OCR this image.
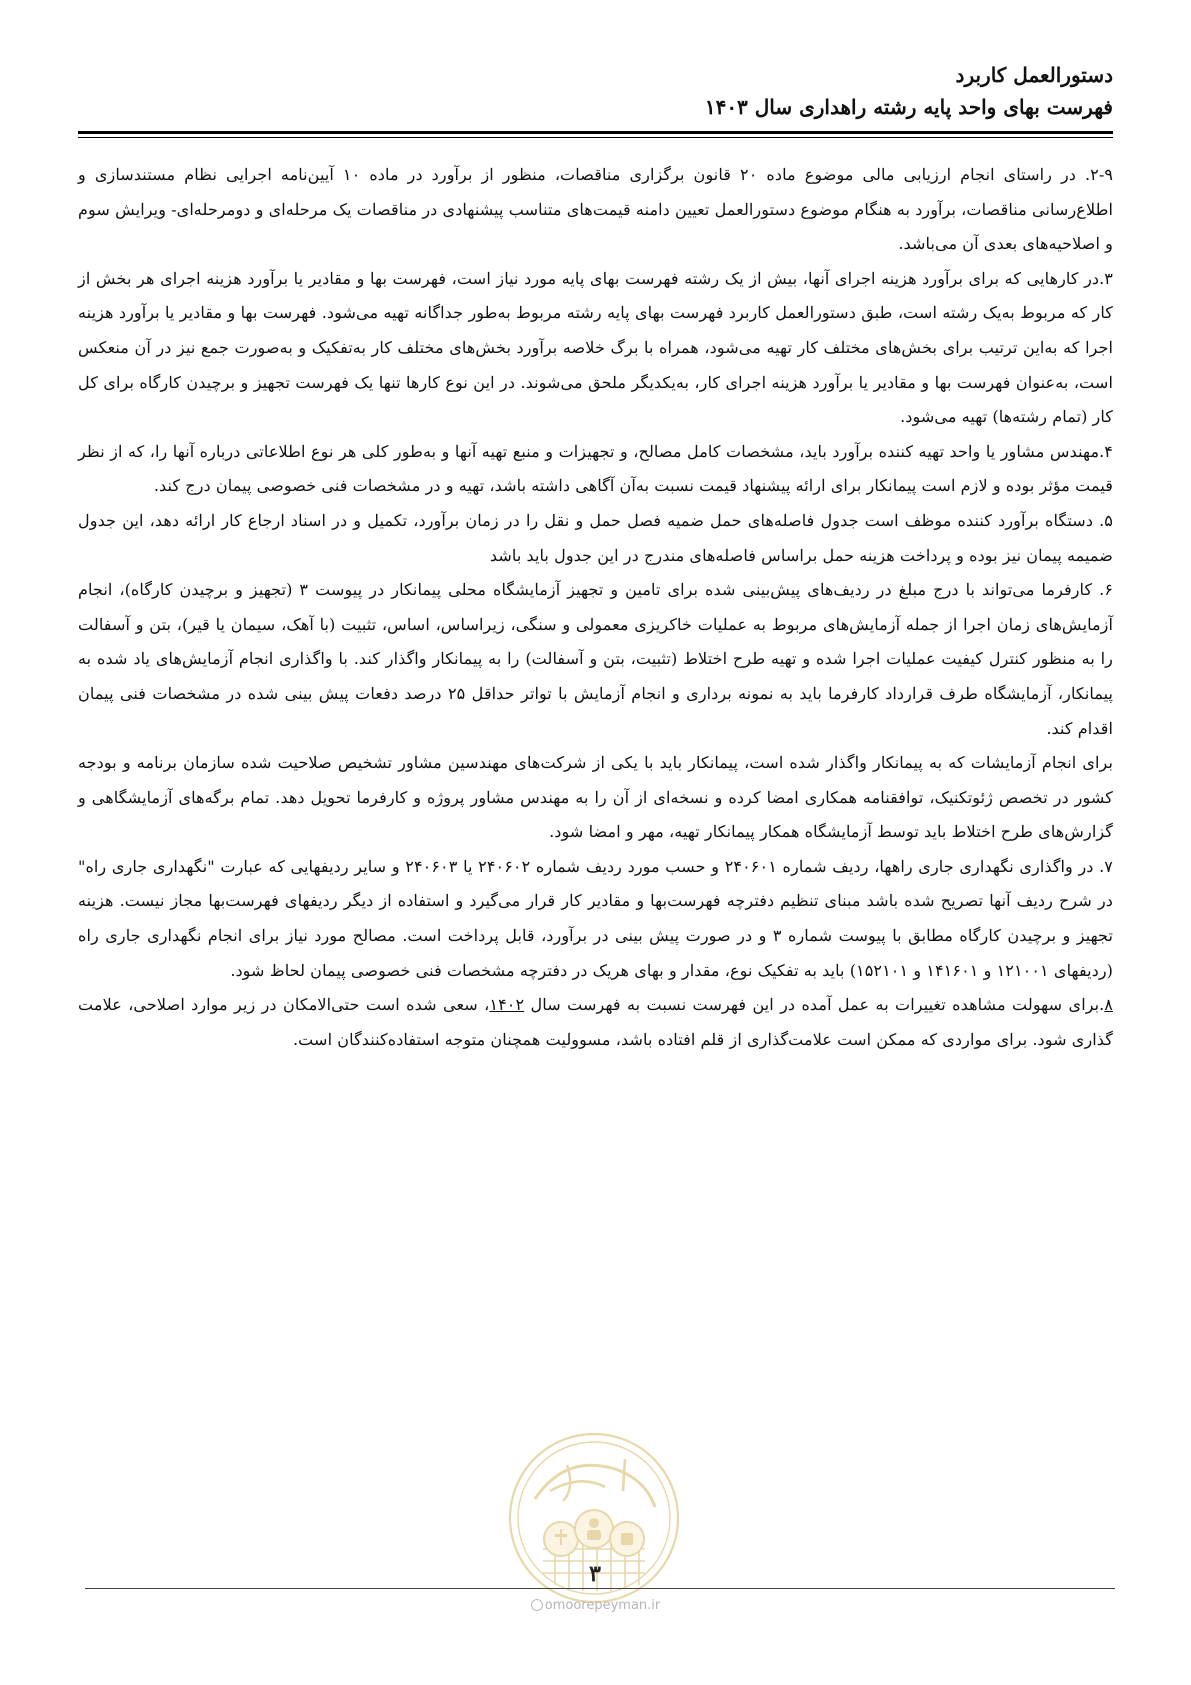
دستورالعمل کاربرد
فهرست بهای واحد پایه رشته راهداری سال ۱۴۰۳

۲-۹. در راستای انجام ارزیابی مالی موضوع ماده ۲۰ قانون برگزاری مناقصات، منظور از برآورد در ماده ۱۰ آیین‌نامه اجرایی نظام مستندسازی و اطلاع‌رسانی مناقصات، برآورد به هنگام موضوع دستورالعمل تعیین دامنه قیمت‌های متناسب پیشنهادی در مناقصات یک مرحله‌ای و دومرحله‌ای- ویرایش سوم و اصلاحیه‌های بعدی آن می‌باشد.

۳.در کارهایی که برای برآورد هزینه اجرای آنها، بیش از یک رشته فهرست بهای پایه مورد نیاز است، فهرست بها و مقادیر یا برآورد هزینه اجرای هر بخش از کار که مربوط به‌یک رشته است، طبق دستورالعمل کاربرد فهرست بهای پایه رشته مربوط به‌طور جداگانه تهیه می‌شود. فهرست بها و مقادیر یا برآورد هزینه اجرا که به‌این ترتیب برای بخش‌های مختلف کار تهیه می‌شود، همراه با برگ خلاصه برآورد بخش‌های مختلف کار به‌تفکیک و به‌صورت جمع نیز در آن منعکس است، به‌عنوان فهرست بها و مقادیر یا برآورد هزینه اجرای کار، به‌یکدیگر ملحق می‌شوند. در این نوع کارها تنها یک فهرست تجهیز و برچیدن کارگاه برای کل کار (تمام رشته‌ها) تهیه می‌شود.

۴.مهندس مشاور یا واحد تهیه کننده برآورد باید، مشخصات کامل مصالح، و تجهیزات و منبع تهیه آنها و به‌طور کلی هر نوع اطلاعاتی درباره آنها را، که از نظر قیمت مؤثر بوده و لازم است پیمانکار برای ارائه پیشنهاد قیمت نسبت به‌آن آگاهی داشته باشد، تهیه و در مشخصات فنی خصوصی پیمان درج کند.

۵. دستگاه برآورد کننده موظف است جدول فاصله‌های حمل ضمیه فصل حمل و نقل را در زمان برآورد، تکمیل و در اسناد ارجاع کار ارائه دهد، این جدول ضمیمه پیمان نیز بوده و پرداخت هزینه حمل براساس فاصله‌های مندرج در این جدول باید باشد

۶. کارفرما می‌تواند با درج مبلغ در ردیف‌های پیش‌بینی شده برای تامین و تجهیز آزمایشگاه محلی پیمانکار در پیوست ۳ (تجهیز و برچیدن کارگاه)، انجام آزمایش‌های زمان اجرا از جمله آزمایش‌های مربوط به عملیات خاکریزی معمولی و سنگی، زیراساس، اساس، تثبیت (با آهک، سیمان یا قیر)، بتن و آسفالت را به منظور کنترل کیفیت عملیات اجرا شده و تهیه طرح اختلاط (تثبیت، بتن و آسفالت) را به پیمانکار واگذار کند. با واگذاری انجام آزمایش‌های یاد شده به پیمانکار، آزمایشگاه طرف قرارداد کارفرما باید به نمونه برداری و انجام آزمایش با تواتر حداقل ۲۵ درصد دفعات پیش بینی شده در مشخصات فنی پیمان اقدام کند.

برای انجام آزمایشات که به پیمانکار واگذار شده است، پیمانکار باید با یکی از شرکت‌های مهندسین مشاور تشخیص صلاحیت شده سازمان برنامه و بودجه کشور در تخصص ژئوتکنیک، توافقنامه همکاری امضا کرده و نسخه‌ای از آن را به مهندس مشاور پروژه و کارفرما تحویل دهد. تمام برگه‌های آزمایشگاهی و گزارش‌های طرح اختلاط باید توسط آزمایشگاه همکار پیمانکار تهیه، مهر و امضا شود.

۷. در واگذاری نگهداری جاری راهها، ردیف شماره ۲۴۰۶۰۱ و حسب مورد ردیف شماره ۲۴۰۶۰۲ یا ۲۴۰۶۰۳ و سایر ردیفهایی که عبارت "نگهداری جاری راه" در شرح ردیف آنها تصریح شده باشد مبنای تنظیم دفترچه فهرست‌بها و مقادیر کار قرار می‌گیرد و استفاده از دیگر ردیفهای فهرست‌بها مجاز نیست. هزینه تجهیز و برچیدن کارگاه مطابق با پیوست شماره ۳ و در صورت پیش بینی در برآورد، قابل پرداخت است. مصالح مورد نیاز برای انجام نگهداری جاری راه (ردیفهای ۱۲۱۰۰۱ و ۱۴۱۶۰۱ و ۱۵۲۱۰۱) باید به تفکیک نوع، مقدار و بهای هریک در دفترچه مشخصات فنی خصوصی پیمان لحاظ شود.

۸.برای سهولت مشاهده تغییرات به عمل آمده در این فهرست نسبت به فهرست سال ۱۴۰۲، سعی شده است حتی‌الامکان در زیر موارد اصلاحی، علامت گذاری شود. برای مواردی که ممکن است علامت‌گذاری از قلم افتاده باشد، مسوولیت همچنان متوجه استفاده‌کنندگان است.

۳
omoorepeyman.ir
